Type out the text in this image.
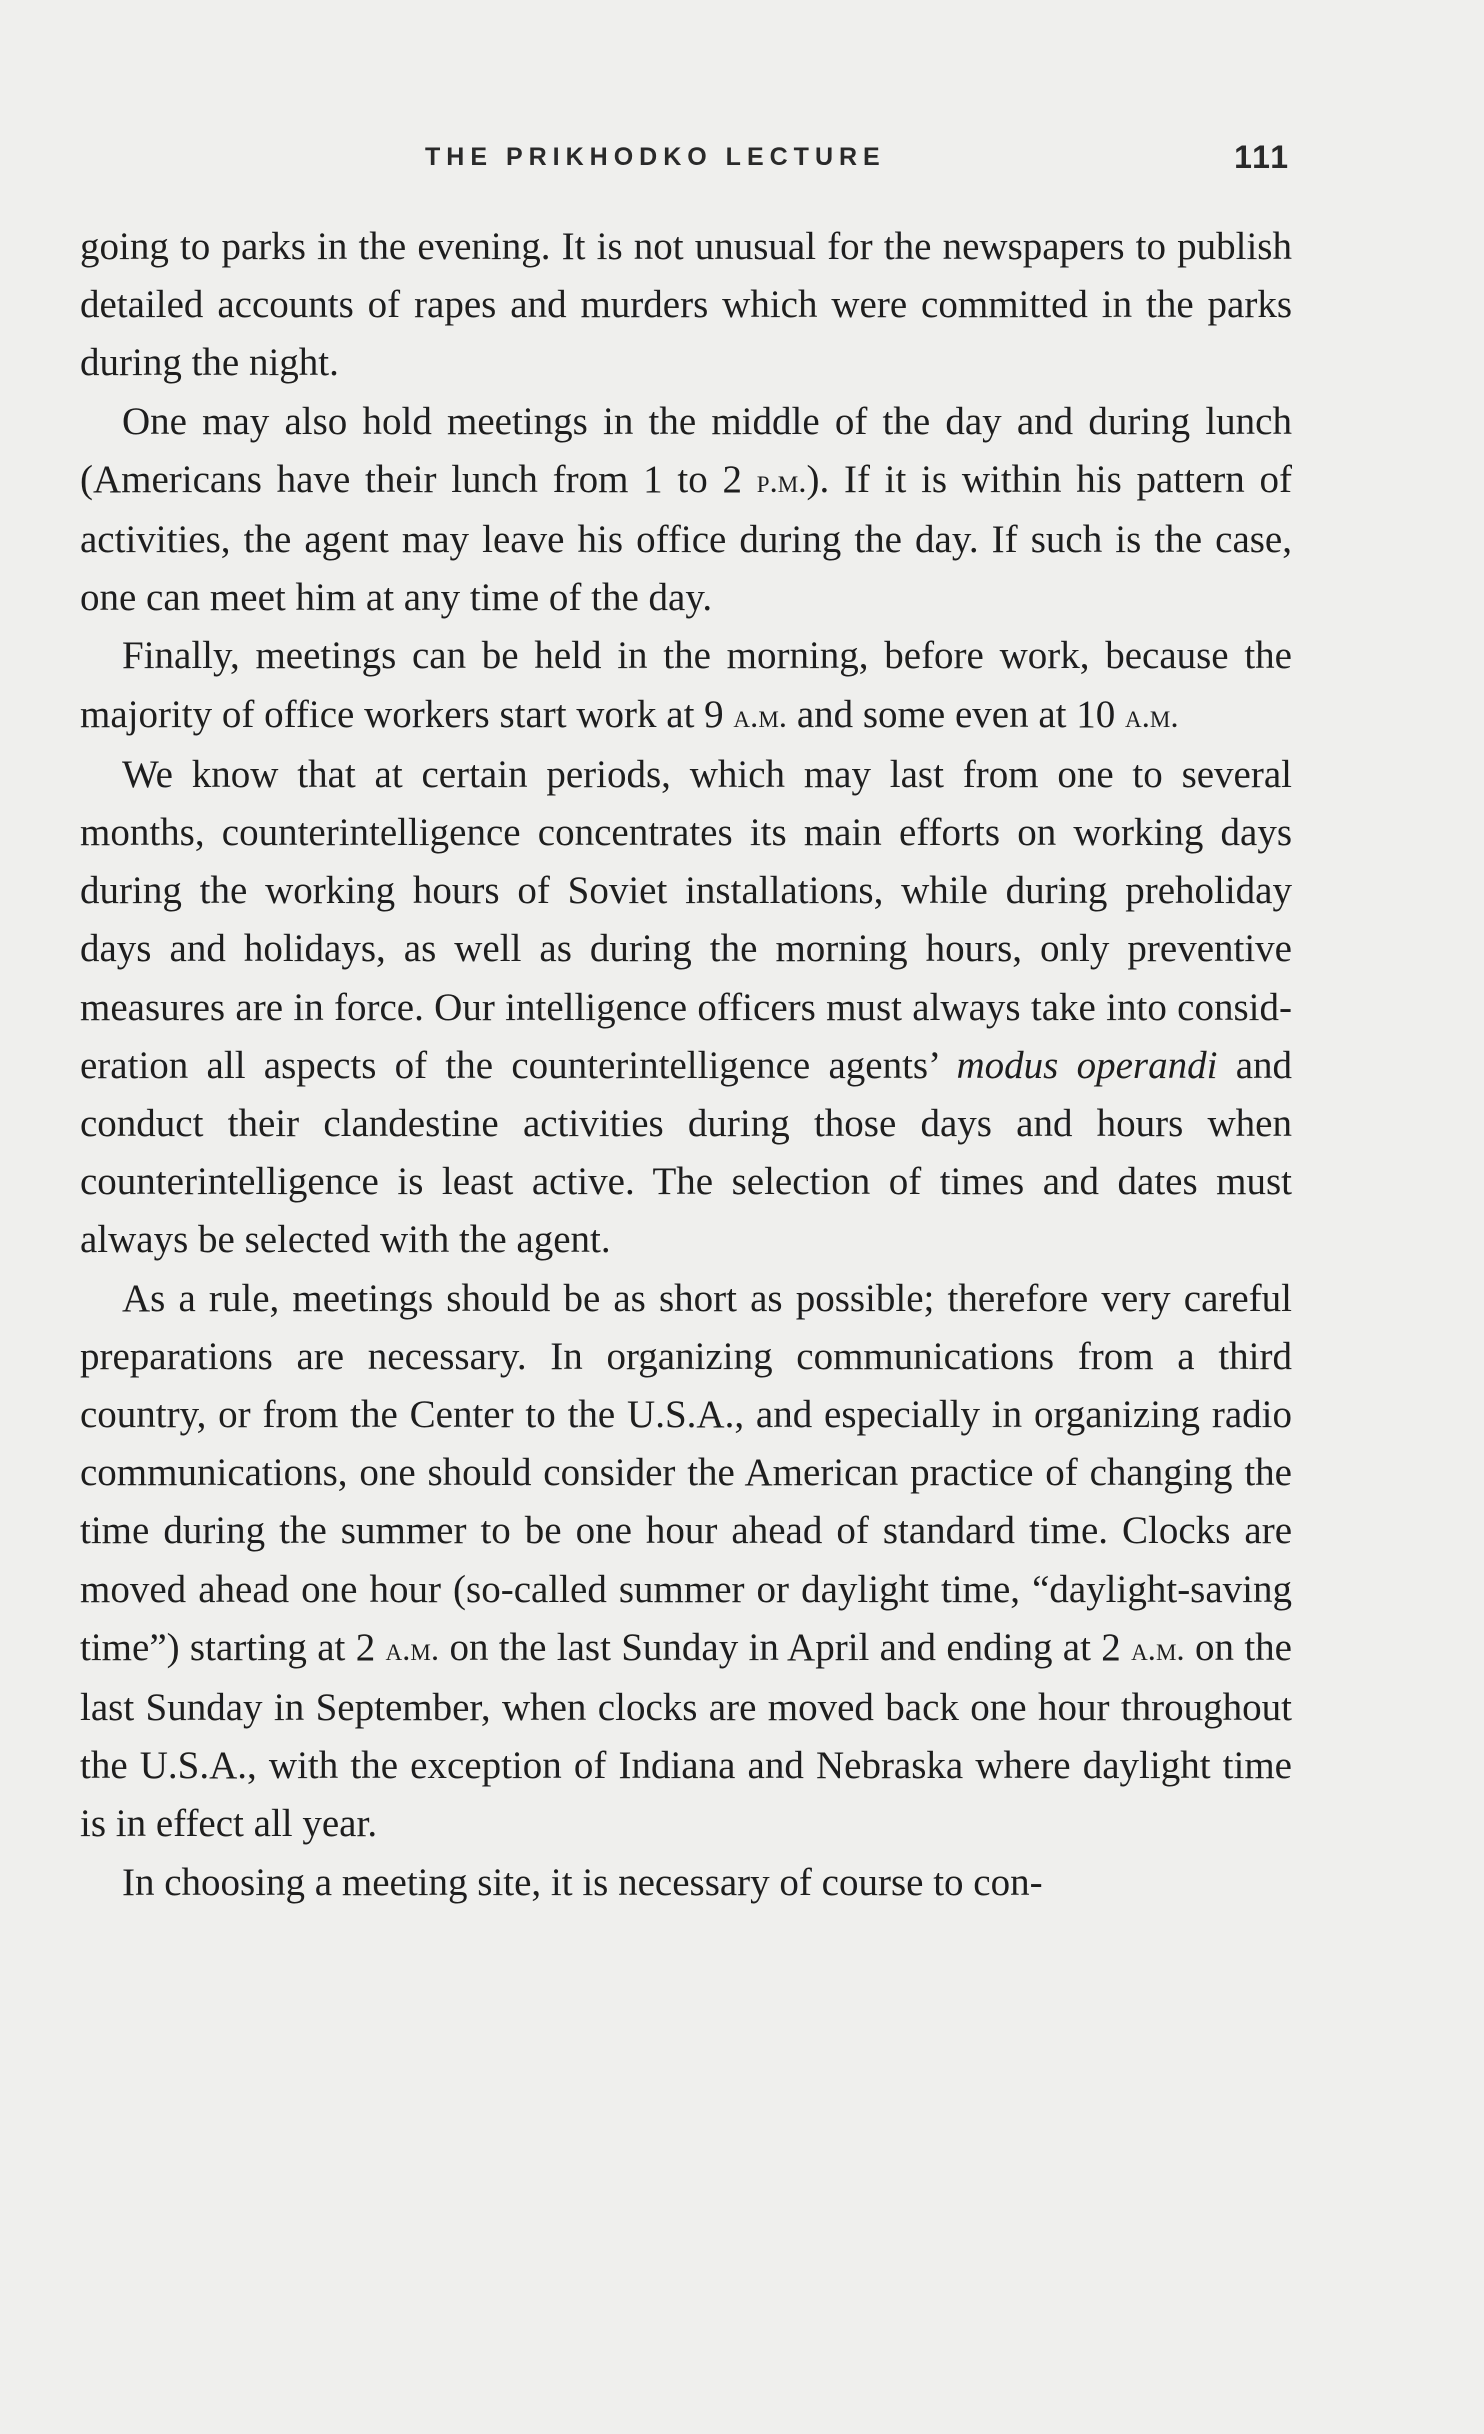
THE PRIKHODKO LECTURE	111

going to parks in the evening. It is not unusual for the newspapers to publish detailed accounts of rapes and murders which were committed in the parks during the night.

One may also hold meetings in the middle of the day and during lunch (Americans have their lunch from 1 to 2 p.m.). If it is within his pattern of activities, the agent may leave his office during the day. If such is the case, one can meet him at any time of the day.

Finally, meetings can be held in the morning, before work, because the majority of office workers start work at 9 a.m. and some even at 10 a.m.

We know that at certain periods, which may last from one to several months, counterintelligence concentrates its main efforts on working days during the working hours of Soviet installations, while during preholiday days and holidays, as well as during the morning hours, only preventive measures are in force. Our intelligence officers must always take into consideration all aspects of the counterintelligence agents’ modus operandi and conduct their clandestine activities during those days and hours when counterintelligence is least active. The selection of times and dates must always be selected with the agent.

As a rule, meetings should be as short as possible; therefore very careful preparations are necessary. In organizing communications from a third country, or from the Center to the U.S.A., and especially in organizing radio communications, one should consider the American practice of changing the time during the summer to be one hour ahead of standard time. Clocks are moved ahead one hour (so-called summer or daylight time, “daylight-saving time”) starting at 2 a.m. on the last Sunday in April and ending at 2 a.m. on the last Sunday in September, when clocks are moved back one hour throughout the U.S.A., with the exception of Indiana and Nebraska where daylight time is in effect all year.

In choosing a meeting site, it is necessary of course to con-
